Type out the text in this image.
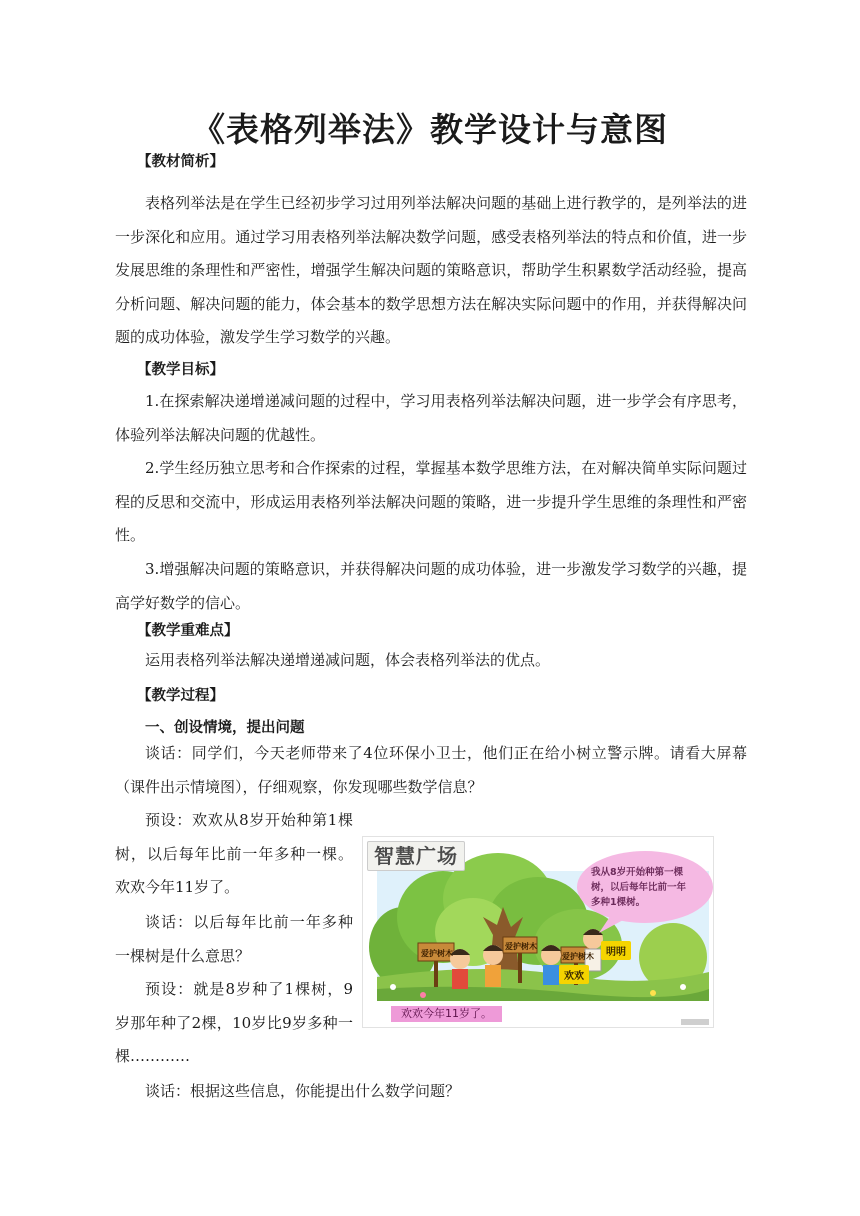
《表格列举法》教学设计与意图
【教材简析】
表格列举法是在学生已经初步学习过用列举法解决问题的基础上进行教学的，是列举法的进一步深化和应用。通过学习用表格列举法解决数学问题，感受表格列举法的特点和价值，进一步发展思维的条理性和严密性，增强学生解决问题的策略意识，帮助学生积累数学活动经验，提高分析问题、解决问题的能力，体会基本的数学思想方法在解决实际问题中的作用，并获得解决问题的成功体验，激发学生学习数学的兴趣。
【教学目标】
1.在探索解决递增递减问题的过程中，学习用表格列举法解决问题，进一步学会有序思考，体验列举法解决问题的优越性。
2.学生经历独立思考和合作探索的过程，掌握基本数学思维方法，在对解决简单实际问题过程的反思和交流中，形成运用表格列举法解决问题的策略，进一步提升学生思维的条理性和严密性。
3.增强解决问题的策略意识，并获得解决问题的成功体验，进一步激发学习数学的兴趣，提高学好数学的信心。
【教学重难点】
运用表格列举法解决递增递减问题，体会表格列举法的优点。
【教学过程】
一、创设情境，提出问题
谈话：同学们，今天老师带来了4位环保小卫士，他们正在给小树立警示牌。请看大屏幕（课件出示情境图），仔细观察，你发现哪些数学信息？
预设：欢欢从8岁开始种第1棵树，以后每年比前一年多种一棵。欢欢今年11岁了。
谈话：以后每年比前一年多种一棵树是什么意思？
预设：就是8岁种了1棵树，9岁那年种了2棵，10岁比9岁多种一棵…………
谈话：根据这些信息，你能提出什么数学问题？
智慧广场
我从8岁开始种第一棵树，以后每年比前一年多种1棵树。
爱护树木
爱护树木
爱护树木	明明
欢欢
欢欢今年11岁了。
